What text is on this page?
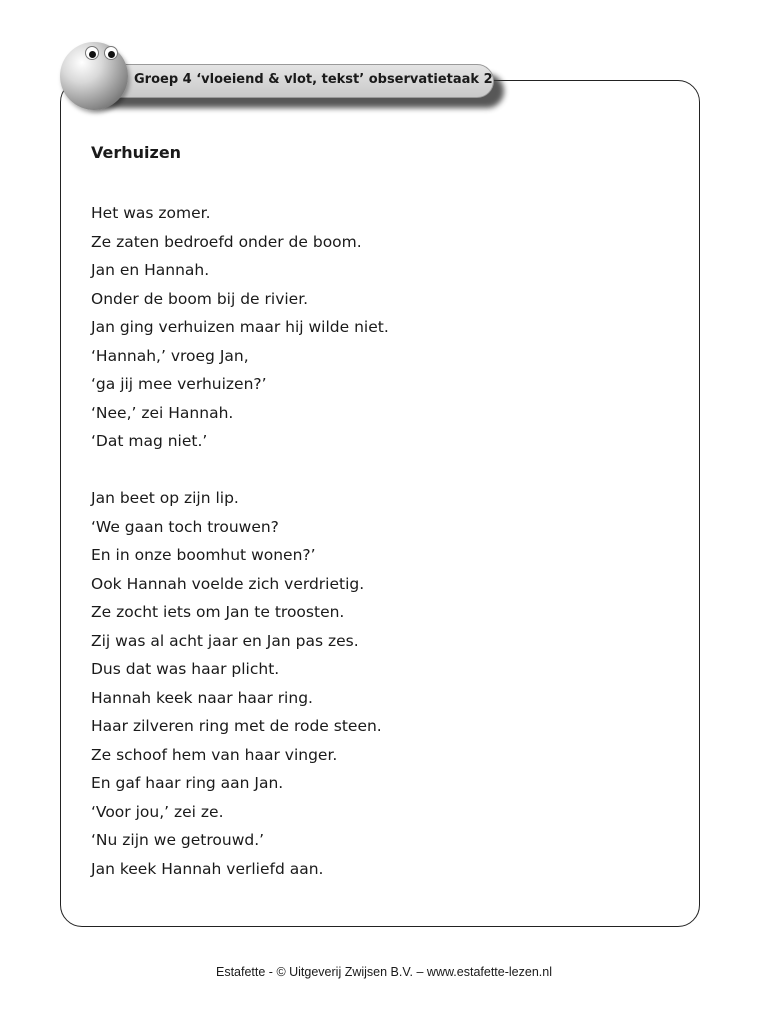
Groep 4 ‘vloeiend & vlot, tekst’ observatietaak 2
Verhuizen
Het was zomer.
Ze zaten bedroefd onder de boom.
Jan en Hannah.
Onder de boom bij de rivier.
Jan ging verhuizen maar hij wilde niet.
‘Hannah,’ vroeg Jan,
‘ga jij mee verhuizen?’
‘Nee,’ zei Hannah.
‘Dat mag niet.’
Jan beet op zijn lip.
‘We gaan toch trouwen?
En in onze boomhut wonen?’
Ook Hannah voelde zich verdrietig.
Ze zocht iets om Jan te troosten.
Zij was al acht jaar en Jan pas zes.
Dus dat was haar plicht.
Hannah keek naar haar ring.
Haar zilveren ring met de rode steen.
Ze schoof hem van haar vinger.
En gaf haar ring aan Jan.
‘Voor jou,’ zei ze.
‘Nu zijn we getrouwd.’
Jan keek Hannah verliefd aan.
Estafette - © Uitgeverij Zwijsen B.V. – www.estafette-lezen.nl
